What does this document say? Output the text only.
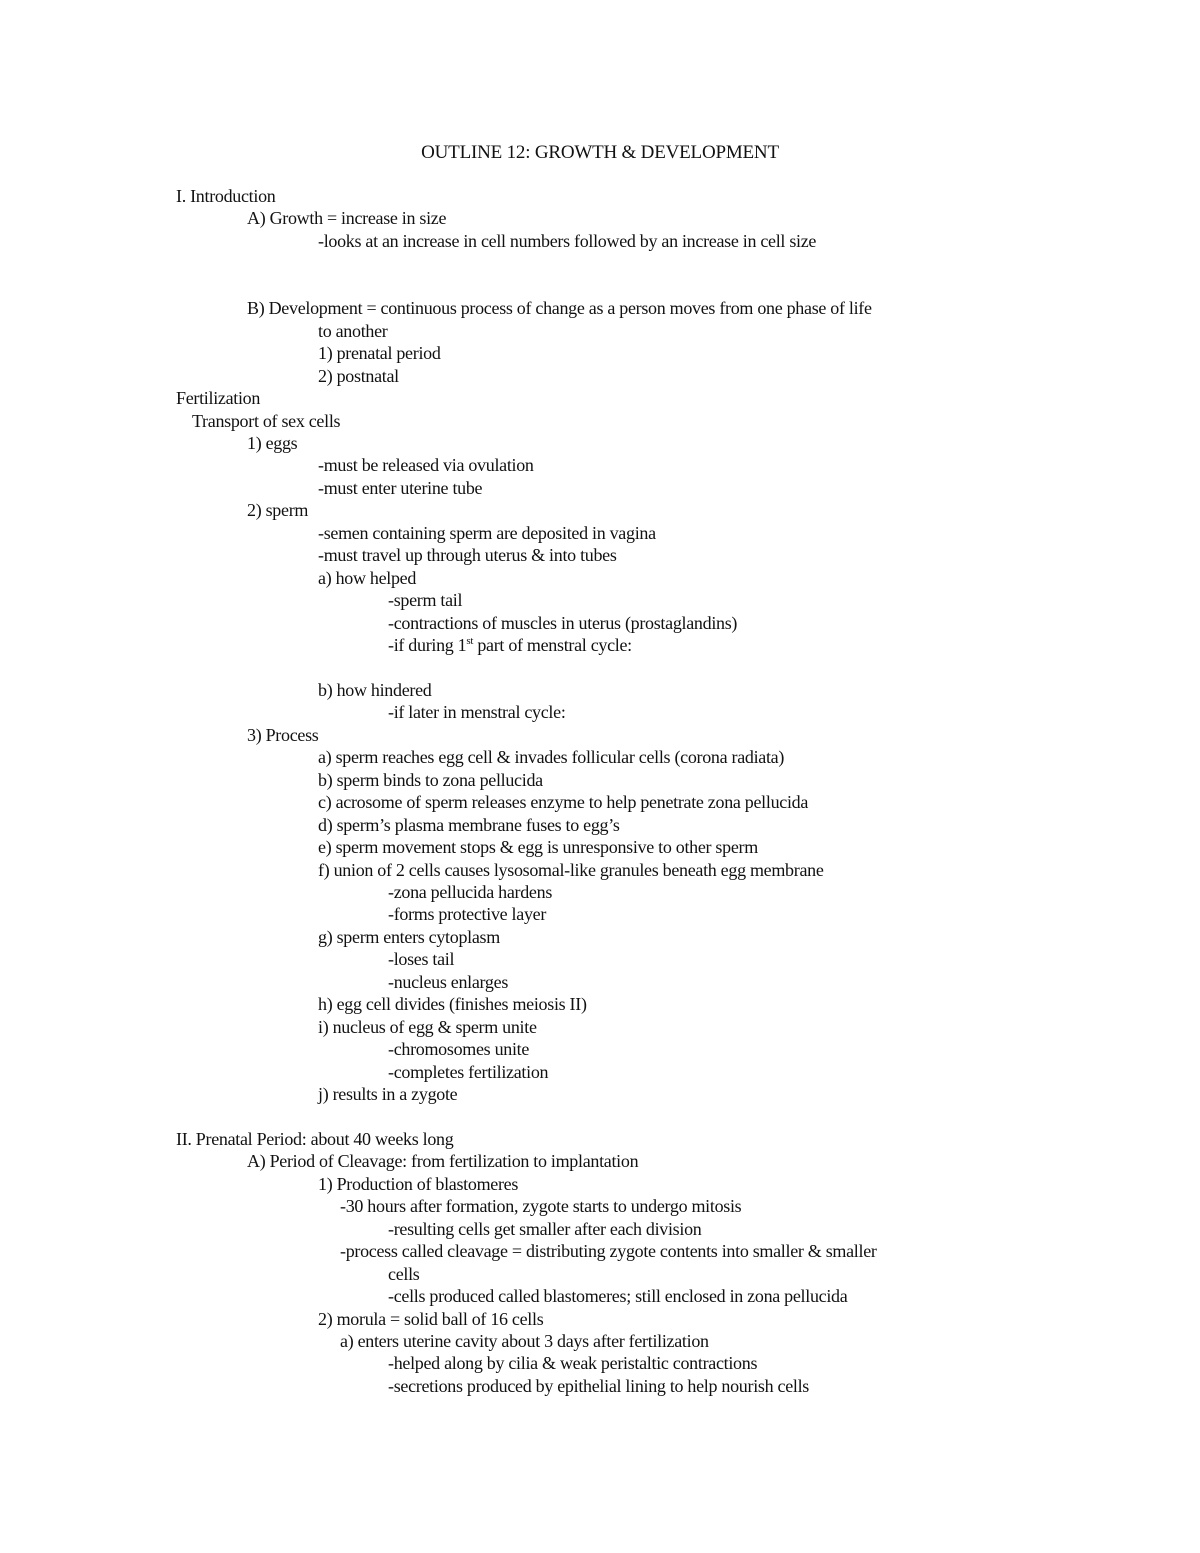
OUTLINE 12: GROWTH & DEVELOPMENT
I. Introduction
A) Growth = increase in size
-looks at an increase in cell numbers followed by an increase in cell size
B) Development = continuous process of change as a person moves from one phase of life
to another
1) prenatal period
2) postnatal
Fertilization
Transport of sex cells
1) eggs
-must be released via ovulation
-must enter uterine tube
2) sperm
-semen containing sperm are deposited in vagina
-must travel up through uterus & into tubes
a) how helped
-sperm tail
-contractions of muscles in uterus (prostaglandins)
-if during 1st part of menstral cycle:
b) how hindered
-if later in menstral cycle:
3) Process
a) sperm reaches egg cell & invades follicular cells (corona radiata)
b) sperm binds to zona pellucida
c) acrosome of sperm releases enzyme to help penetrate zona pellucida
d) sperm’s plasma membrane fuses to egg’s
e) sperm movement stops & egg is unresponsive to other sperm
f) union of 2 cells causes lysosomal-like granules beneath egg membrane
-zona pellucida hardens
-forms protective layer
g) sperm enters cytoplasm
-loses tail
-nucleus enlarges
h) egg cell divides (finishes meiosis II)
i) nucleus of egg & sperm unite
-chromosomes unite
-completes fertilization
j) results in a zygote
II. Prenatal Period: about 40 weeks long
A) Period of Cleavage: from fertilization to implantation
1) Production of blastomeres
-30 hours after formation, zygote starts to undergo mitosis
-resulting cells get smaller after each division
-process called cleavage = distributing zygote contents into smaller & smaller
cells
-cells produced called blastomeres; still enclosed in zona pellucida
2) morula = solid ball of 16 cells
a) enters uterine cavity about 3 days after fertilization
-helped along by cilia & weak peristaltic contractions
-secretions produced by epithelial lining to help nourish cells
